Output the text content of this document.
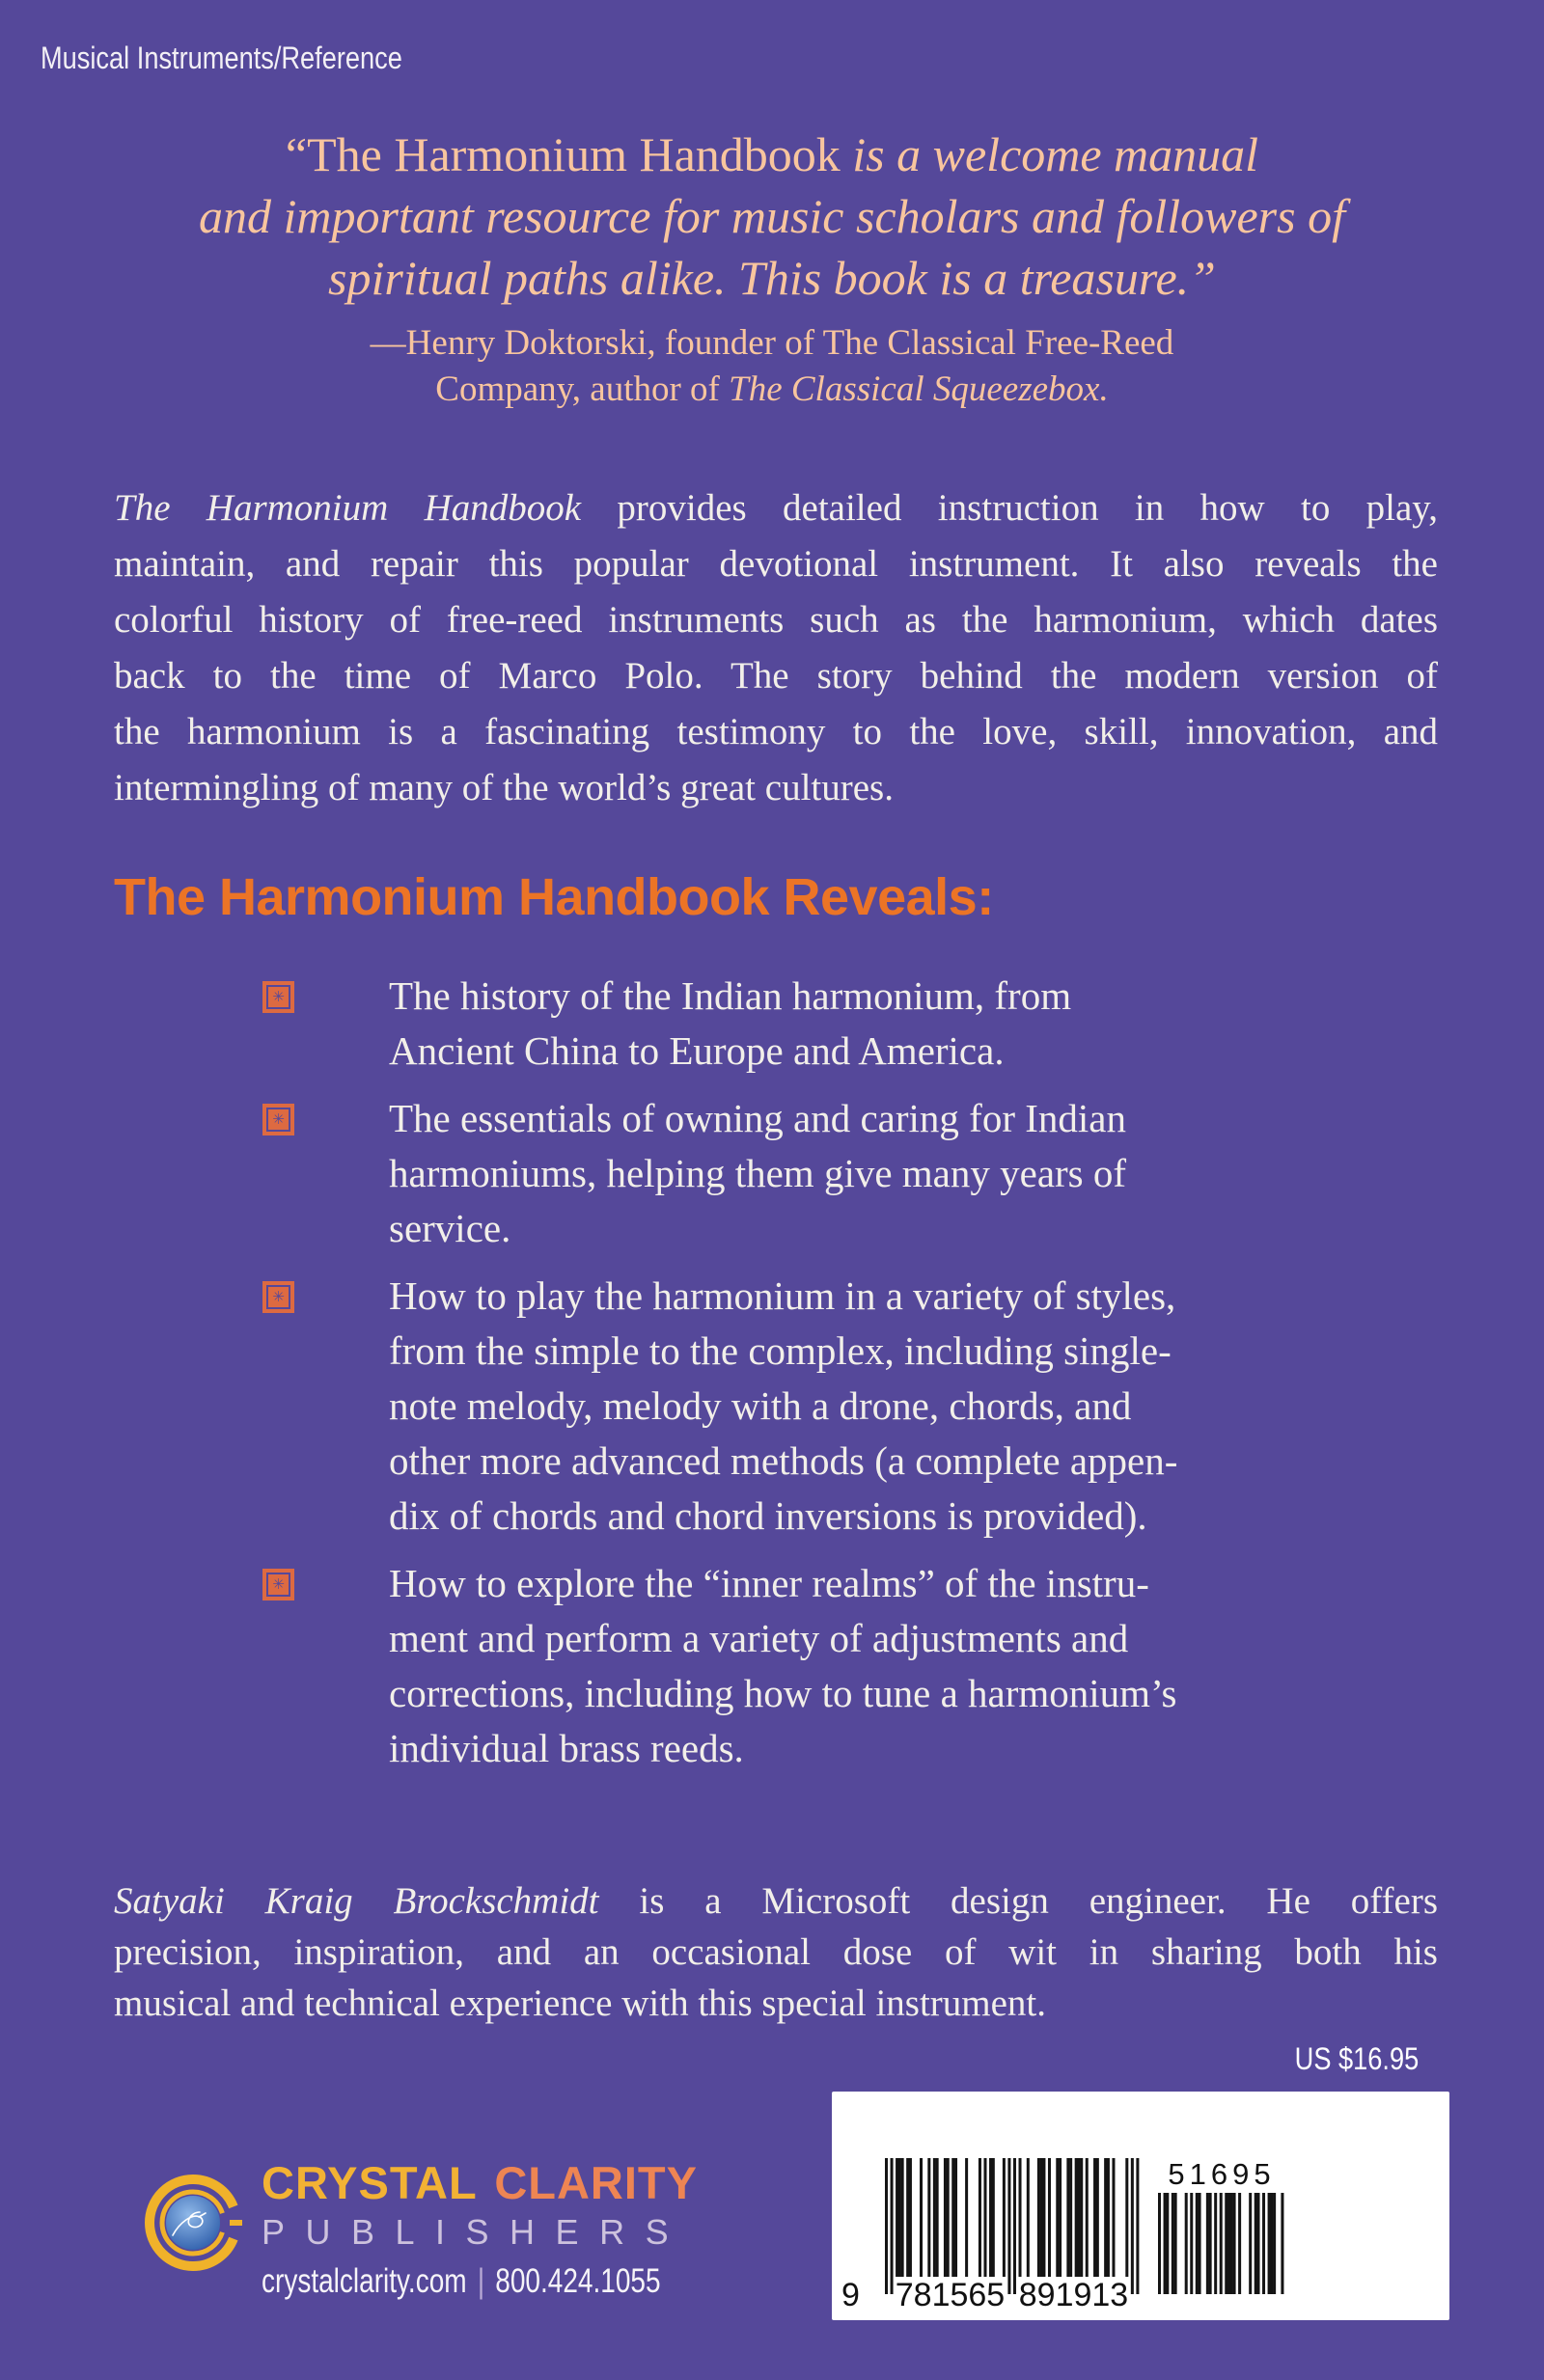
Musical Instruments/Reference
“The Harmonium Handbook is a welcome manual
and important resource for music scholars and followers of
spiritual paths alike. This book is a treasure.”
—Henry Doktorski, founder of The Classical Free-Reed
Company, author of The Classical Squeezebox.
The Harmonium Handbook provides detailed instruction in how to play,
maintain, and repair this popular devotional instrument. It also reveals the
colorful history of free-reed instruments such as the harmonium, which dates
back to the time of Marco Polo. The story behind the modern version of
the harmonium is a fascinating testimony to the love, skill, innovation, and
intermingling of many of the world’s great cultures.
The Harmonium Handbook Reveals:
✳	The history of the Indian harmonium, from
Ancient China to Europe and America.
✳	The essentials of owning and caring for Indian
harmoniums, helping them give many years of
service.
✳	How to play the harmonium in a variety of styles,
from the simple to the complex, including single-
note melody, melody with a drone, chords, and
other more advanced methods (a complete appen-
dix of chords and chord inversions is provided).
✳	How to explore the “inner realms” of the instru-
ment and perform a variety of adjustments and
corrections, including how to tune a harmonium’s
individual brass reeds.
Satyaki Kraig Brockschmidt is a Microsoft design engineer. He offers
precision, inspiration, and an occasional dose of wit in sharing both his
musical and technical experience with this special instrument.
US $16.95
9 781565 891913
51695
CRYSTAL CLARITY
PUBLISHERS
crystalclarity.com | 800.424.1055
